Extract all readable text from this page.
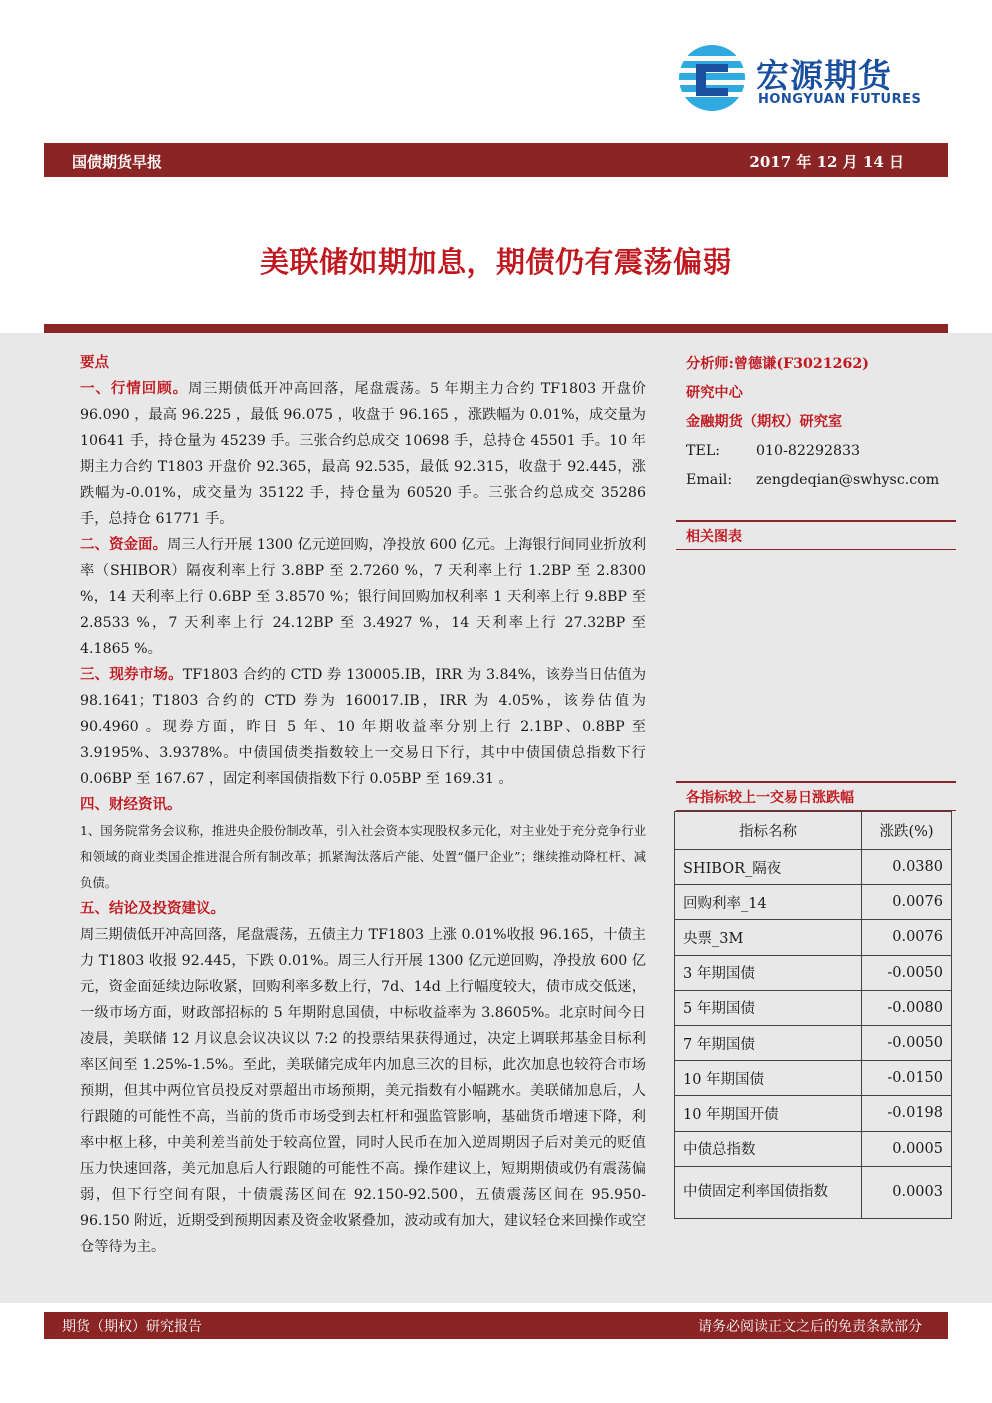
宏源期货
HONGYUAN FUTURES
国债期货早报	2017 年 12 月 14 日
美联储如期加息，期债仍有震荡偏弱
要点

一、行情回顾。周三期债低开冲高回落，尾盘震荡。5 年期主力合约 TF1803 开盘价 96.090 ，最高 96.225 ，最低 96.075 ，收盘于 96.165 ，涨跌幅为 0.01%，成交量为 10641 手，持仓量为 45239 手。三张合约总成交 10698 手，总持仓 45501 手。10 年期主力合约 T1803 开盘价 92.365，最高 92.535，最低 92.315，收盘于 92.445，涨跌幅为-0.01%，成交量为 35122 手，持仓量为 60520 手。三张合约总成交 35286 手，总持仓 61771 手。

二、资金面。周三人行开展 1300 亿元逆回购，净投放 600 亿元。上海银行间同业折放利率（SHIBOR）隔夜利率上行 3.8BP 至 2.7260 %，7 天利率上行 1.2BP 至 2.8300 %，14 天利率上行 0.6BP 至 3.8570 %；银行间回购加权利率 1 天利率上行 9.8BP 至 2.8533 %，7 天利率上行 24.12BP 至 3.4927 %，14 天利率上行 27.32BP 至 4.1865 %。

三、现券市场。TF1803 合约的 CTD 券 130005.IB，IRR 为 3.84%，该券当日估值为 98.1641；T1803 合约的 CTD 券为 160017.IB，IRR 为 4.05%，该券估值为 90.4960 。现券方面，昨日 5 年、10 年期收益率分别上行 2.1BP、0.8BP 至 3.9195%、3.9378%。中债国债类指数较上一交易日下行，其中中债国债总指数下行 0.06BP 至 167.67 ，固定利率国债指数下行 0.05BP 至 169.31 。

四、财经资讯。

1、国务院常务会议称，推进央企股份制改革，引入社会资本实现股权多元化，对主业处于充分竞争行业和领域的商业类国企推进混合所有制改革；抓紧淘汰落后产能、处置“僵尸企业”；继续推动降杠杆、减负债。

五、结论及投资建议。

周三期债低开冲高回落，尾盘震荡，五债主力 TF1803 上涨 0.01%收报 96.165，十债主力 T1803 收报 92.445，下跌 0.01%。周三人行开展 1300 亿元逆回购，净投放 600 亿元，资金面延续边际收紧，回购利率多数上行，7d、14d 上行幅度较大，债市成交低迷，一级市场方面，财政部招标的 5 年期附息国债，中标收益率为 3.8605%。北京时间今日凌晨，美联储 12 月议息会议决议以 7:2 的投票结果获得通过，决定上调联邦基金目标利率区间至 1.25%-1.5%。至此，美联储完成年内加息三次的目标，此次加息也较符合市场预期，但其中两位官员投反对票超出市场预期，美元指数有小幅跳水。美联储加息后，人行跟随的可能性不高，当前的货币市场受到去杠杆和强监管影响，基础货币增速下降，利率中枢上移，中美利差当前处于较高位置，同时人民币在加入逆周期因子后对美元的贬值压力快速回落，美元加息后人行跟随的可能性不高。操作建议上，短期期债或仍有震荡偏弱，但下行空间有限，十债震荡区间在 92.150-92.500，五债震荡区间在 95.950-96.150 附近，近期受到预期因素及资金收紧叠加，波动或有加大，建议轻仓来回操作或空仓等待为主。

分析师:曾德谦(F3021262)
研究中心
金融期货（期权）研究室
TEL:	010-82292833
Email:	zengdeqian@swhysc.com
相关图表
各指标较上一交易日涨跌幅
指标名称	涨跌(%)
SHIBOR_隔夜	0.0380
回购利率_14	0.0076
央票_3M	0.0076
3 年期国债	-0.0050
5 年期国债	-0.0080
7 年期国债	-0.0050
10 年期国债	-0.0150
10 年期国开债	-0.0198
中债总指数	0.0005
中债固定利率国债指数	0.0003
期货（期权）研究报告	请务必阅读正文之后的免责条款部分
